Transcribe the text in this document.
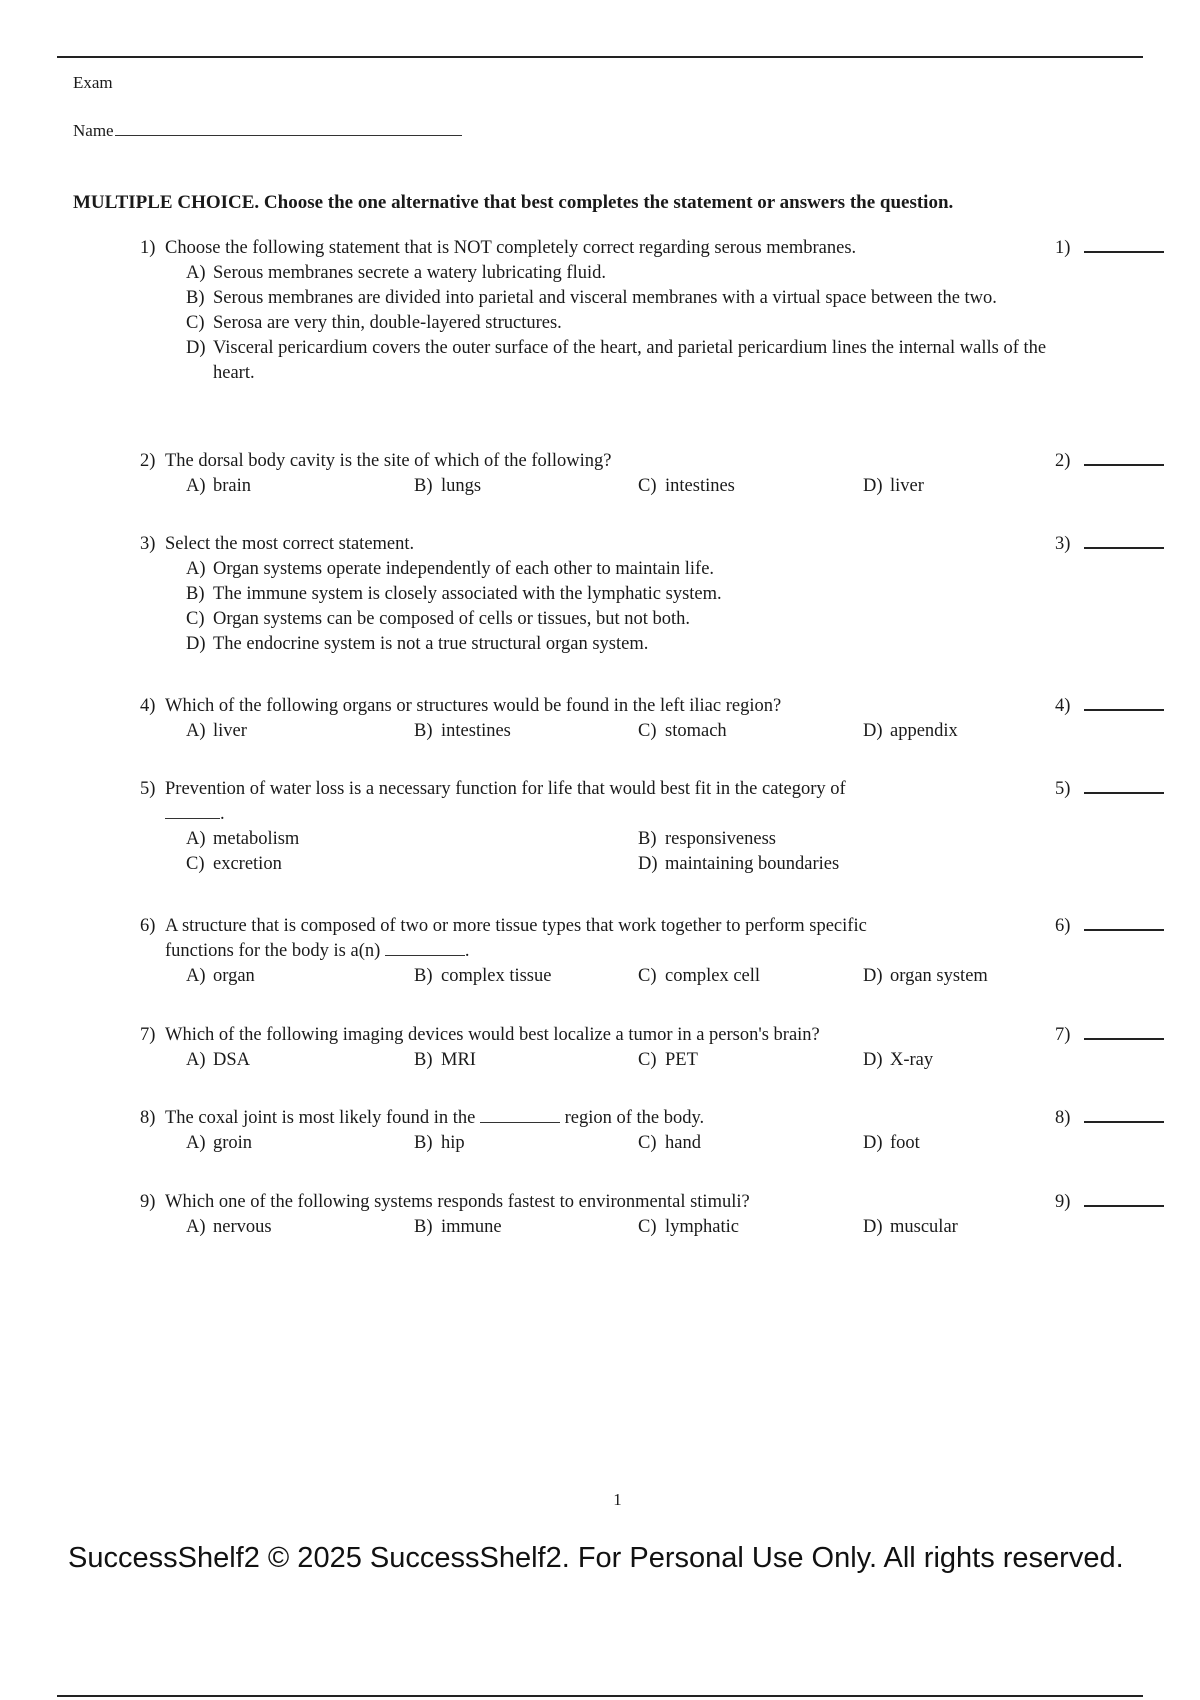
Exam
Name
MULTIPLE CHOICE. Choose the one alternative that best completes the statement or answers the question.
1) Choose the following statement that is NOT completely correct regarding serous membranes.	1)
A) Serous membranes secrete a watery lubricating fluid.
B) Serous membranes are divided into parietal and visceral membranes with a virtual space between the two.
C) Serosa are very thin, double-layered structures.
D) Visceral pericardium covers the outer surface of the heart, and parietal pericardium lines the internal walls of the heart.
2) The dorsal body cavity is the site of which of the following?	2)
A) brain	B) lungs	C) intestines	D) liver
3) Select the most correct statement.	3)
A) Organ systems operate independently of each other to maintain life.
B) The immune system is closely associated with the lymphatic system.
C) Organ systems can be composed of cells or tissues, but not both.
D) The endocrine system is not a true structural organ system.
4) Which of the following organs or structures would be found in the left iliac region?	4)
A) liver	B) intestines	C) stomach	D) appendix
5) Prevention of water loss is a necessary function for life that would best fit in the category of
.
5)
A) metabolism	B) responsiveness
C) excretion	D) maintaining boundaries
6) A structure that is composed of two or more tissue types that work together to perform specific
functions for the body is a(n)	.
6)
A) organ	B) complex tissue	C) complex cell	D) organ system
7) Which of the following imaging devices would best localize a tumor in a person's brain?	7)
A) DSA	B) MRI	C) PET	D) X-ray
8) The coxal joint is most likely found in the	region of the body.	8)
A) groin	B) hip	C) hand	D) foot
9) Which one of the following systems responds fastest to environmental stimuli?	9)
A) nervous	B) immune	C) lymphatic	D) muscular
1
SuccessShelf2 © 2025 SuccessShelf2. For Personal Use Only. All rights reserved.
